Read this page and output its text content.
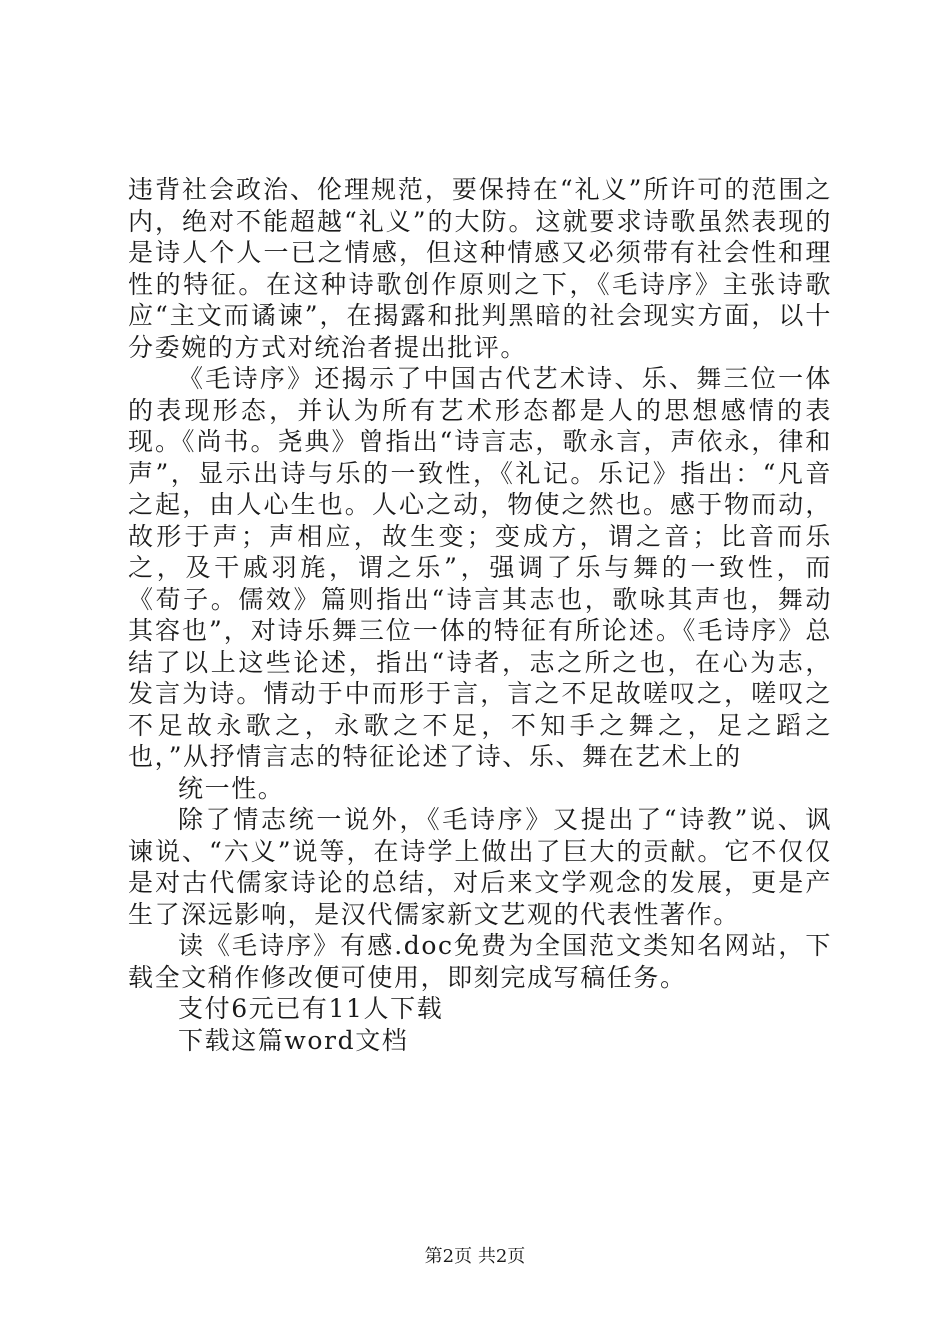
违背社会政治、伦理规范，要保持在“礼义”所许可的范围之内，绝对不能超越“礼义”的大防。这就要求诗歌虽然表现的是诗人个人一已之情感，但这种情感又必须带有社会性和理性的特征。在这种诗歌创作原则之下，《毛诗序》主张诗歌应“主文而谲谏”，在揭露和批判黑暗的社会现实方面，以十分委婉的方式对统治者提出批评。

《毛诗序》还揭示了中国古代艺术诗、乐、舞三位一体的表现形态，并认为所有艺术形态都是人的思想感情的表现。《尚书。尧典》曾指出“诗言志，歌永言，声依永，律和声”，显示出诗与乐的一致性，《礼记。乐记》指出：“凡音之起，由人心生也。人心之动，物使之然也。感于物而动，故形于声；声相应，故生变；变成方，谓之音；比音而乐之，及干戚羽旄，谓之乐”，强调了乐与舞的一致性，而《荀子。儒效》篇则指出“诗言其志也，歌咏其声也，舞动其容也”，对诗乐舞三位一体的特征有所论述。《毛诗序》总结了以上这些论述，指出“诗者，志之所之也，在心为志，发言为诗。情动于中而形于言，言之不足故嗟叹之，嗟叹之不足故永歌之，永歌之不足，不知手之舞之，足之蹈之也，”从抒情言志的特征论述了诗、乐、舞在艺术上的

统一性。

除了情志统一说外，《毛诗序》又提出了“诗教”说、讽谏说、“六义”说等，在诗学上做出了巨大的贡献。它不仅仅是对古代儒家诗论的总结，对后来文学观念的发展，更是产生了深远影响，是汉代儒家新文艺观的代表性著作。

读《毛诗序》有感.doc免费为全国范文类知名网站，下载全文稍作修改便可使用，即刻完成写稿任务。

支付6元已有11人下载

下载这篇word文档

第2页 共2页
